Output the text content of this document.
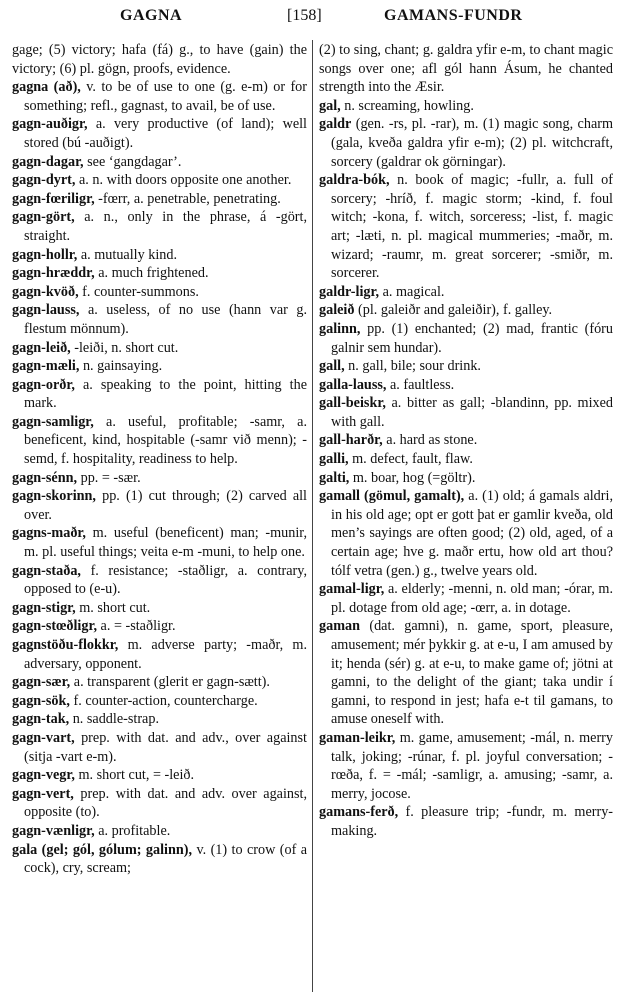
GAGNA	[158]	GAMANS-FUNDR

gage; (5) victory; hafa (fá) g., to have (gain) the victory; (6) pl. gögn, proofs, evidence.

gagna (að), v. to be of use to one (g. e-m) or for something; refl., gagnast, to avail, be of use.

gagn-auðigr, a. very productive (of land); well stored (bú -auðigt).

gagn-dagar, see ‘gangdagar’.

gagn-dyrt, a. n. with doors opposite one another.

gagn-fœriligr, -fœrr, a. penetrable, penetrating.

gagn-gört, a. n., only in the phrase, á -gört, straight.

gagn-hollr, a. mutually kind.

gagn-hræddr, a. much frightened.

gagn-kvöð, f. counter-summons.

gagn-lauss, a. useless, of no use (hann var g. flestum mönnum).

gagn-leið, -leiði, n. short cut.

gagn-mæli, n. gainsaying.

gagn-orðr, a. speaking to the point, hitting the mark.

gagn-samligr, a. useful, profitable; -samr, a. beneficent, kind, hospitable (-samr við menn); -semd, f. hospitality, readiness to help.

gagn-sénn, pp. = -sær.

gagn-skorinn, pp. (1) cut through; (2) carved all over.

gagns-maðr, m. useful (beneficent) man; -munir, m. pl. useful things; veita e-m -muni, to help one.

gagn-staða, f. resistance; -staðligr, a. contrary, opposed to (e-u).

gagn-stigr, m. short cut.

gagn-stœðligr, a. = -staðligr.

gagnstöðu-flokkr, m. adverse party; -maðr, m. adversary, opponent.

gagn-sær, a. transparent (glerit er gagn-sætt).

gagn-sök, f. counter-action, countercharge.

gagn-tak, n. saddle-strap.

gagn-vart, prep. with dat. and adv., over against (sitja -vart e-m).

gagn-vegr, m. short cut, = -leið.

gagn-vert, prep. with dat. and adv. over against, opposite (to).

gagn-vænligr, a. profitable.

gala (gel; gól, gólum; galinn), v. (1) to crow (of a cock), cry, scream;

(2) to sing, chant; g. galdra yfir e-m, to chant magic songs over one; afl gól hann Ásum, he chanted strength into the Æsir.

gal, n. screaming, howling.

galdr (gen. -rs, pl. -rar), m. (1) magic song, charm (gala, kveða galdra yfir e-m); (2) pl. witchcraft, sorcery (galdrar ok görningar).

galdra-bók, n. book of magic; -fullr, a. full of sorcery; -hríð, f. magic storm; -kind, f. foul witch; -kona, f. witch, sorceress; -list, f. magic art; -læti, n. pl. magical mummeries; -maðr, m. wizard; -raumr, m. great sorcerer; -smiðr, m. sorcerer.

galdr-ligr, a. magical.

galeið (pl. galeiðr and galeiðir), f. galley.

galinn, pp. (1) enchanted; (2) mad, frantic (fóru galnir sem hundar).

gall, n. gall, bile; sour drink.

galla-lauss, a. faultless.

gall-beiskr, a. bitter as gall; -blandinn, pp. mixed with gall.

gall-harðr, a. hard as stone.

galli, m. defect, fault, flaw.

galti, m. boar, hog (=göltr).

gamall (gömul, gamalt), a. (1) old; á gamals aldri, in his old age; opt er gott þat er gamlir kveða, old men’s sayings are often good; (2) old, aged, of a certain age; hve g. maðr ertu, how old art thou? tólf vetra (gen.) g., twelve years old.

gamal-ligr, a. elderly; -menni, n. old man; -órar, m. pl. dotage from old age; -œrr, a. in dotage.

gaman (dat. gamni), n. game, sport, pleasure, amusement; mér þykkir g. at e-u, I am amused by it; henda (sér) g. at e-u, to make game of; jötni at gamni, to the delight of the giant; taka undir í gamni, to respond in jest; hafa e-t til gamans, to amuse oneself with.

gaman-leikr, m. game, amusement; -mál, n. merry talk, joking; -rúnar, f. pl. joyful conversation; -rœða, f. = -mál; -samligr, a. amusing; -samr, a. merry, jocose.

gamans-ferð, f. pleasure trip; -fundr, m. merry-making.
